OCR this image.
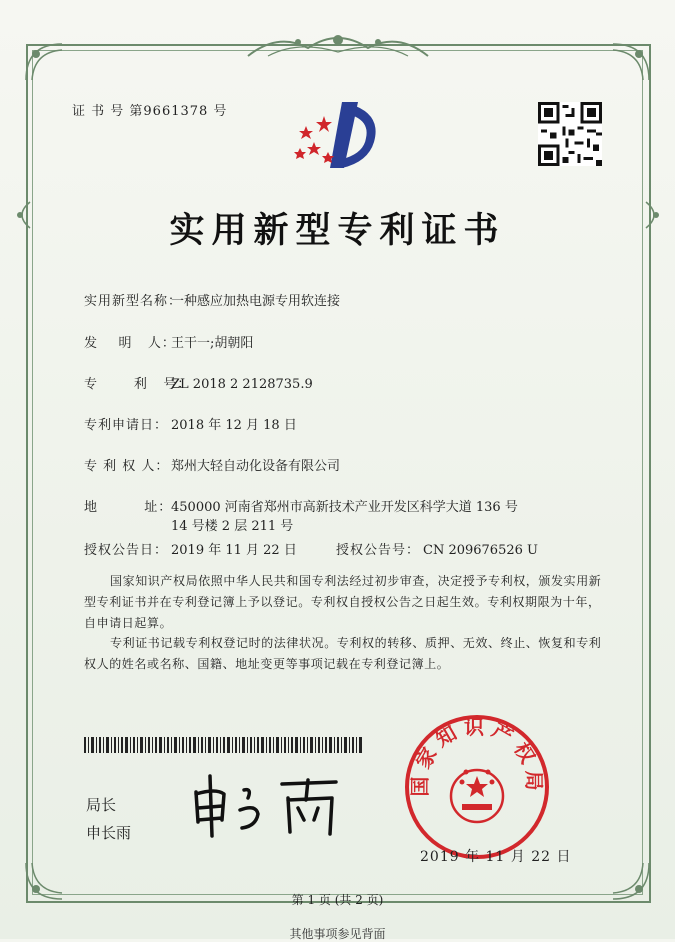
证 书 号 第9661378 号
实用新型专利证书
实用新型名称：一种感应加热电源专用软连接
发    明   人：王干一;胡朝阳
专       利   号：ZL 2018 2 2128735.9
专利申请日： 2018 年 12 月 18 日
专 利 权 人： 郑州大轻自动化设备有限公司
地         址：450000 河南省郑州市高新技术产业开发区科学大道 136 号
14 号楼 2 层 211 号
授权公告日： 2019 年 11 月 22 日	授权公告号： CN 209676526 U
国家知识产权局依照中华人民共和国专利法经过初步审查，决定授予专利权，颁发实用新型专利证书并在专利登记簿上予以登记。专利权自授权公告之日起生效。专利权期限为十年，自申请日起算。
专利证书记载专利权登记时的法律状况。专利权的转移、质押、无效、终止、恢复和专利权人的姓名或名称、国籍、地址变更等事项记载在专利登记簿上。
局长
申长雨
国家知识产权局
2019 年 11 月 22 日
第 1 页 (共 2 页)
其他事项参见背面
